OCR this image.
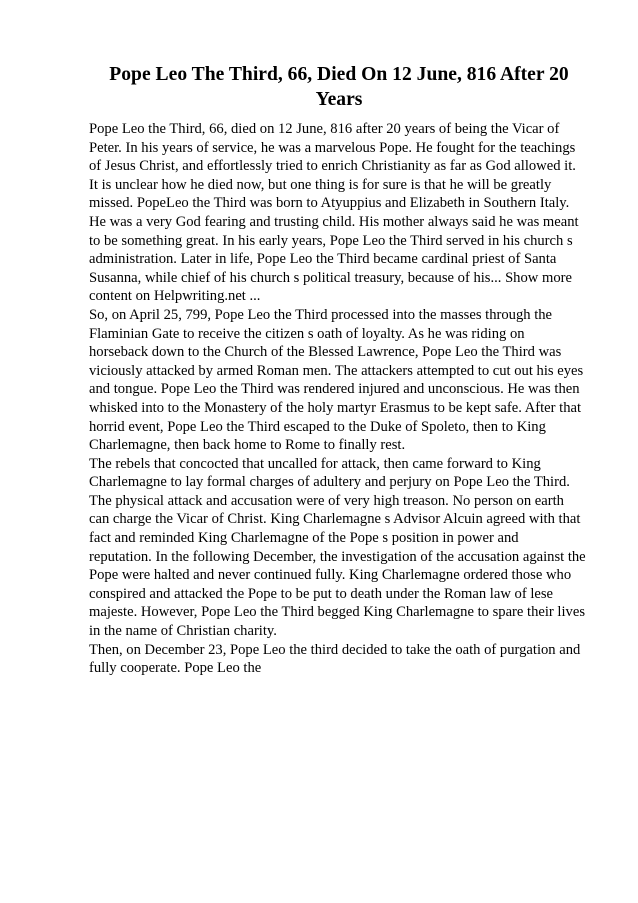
Pope Leo The Third, 66, Died On 12 June, 816 After 20
Years

Pope Leo the Third, 66, died on 12 June, 816 after 20 years of being the Vicar of
Peter. In his years of service, he was a marvelous Pope. He fought for the teachings
of Jesus Christ, and effortlessly tried to enrich Christianity as far as God allowed it.
It is unclear how he died now, but one thing is for sure is that he will be greatly
missed. PopeLeo the Third was born to Atyuppius and Elizabeth in Southern Italy.
He was a very God fearing and trusting child. His mother always said he was meant
to be something great. In his early years, Pope Leo the Third served in his church s
administration. Later in life, Pope Leo the Third became cardinal priest of Santa
Susanna, while chief of his church s political treasury, because of his... Show more
content on Helpwriting.net ...

So, on April 25, 799, Pope Leo the Third processed into the masses through the
Flaminian Gate to receive the citizen s oath of loyalty. As he was riding on
horseback down to the Church of the Blessed Lawrence, Pope Leo the Third was
viciously attacked by armed Roman men. The attackers attempted to cut out his eyes
and tongue. Pope Leo the Third was rendered injured and unconscious. He was then
whisked into to the Monastery of the holy martyr Erasmus to be kept safe. After that
horrid event, Pope Leo the Third escaped to the Duke of Spoleto, then to King
Charlemagne, then back home to Rome to finally rest.

The rebels that concocted that uncalled for attack, then came forward to King
Charlemagne to lay formal charges of adultery and perjury on Pope Leo the Third.
The physical attack and accusation were of very high treason. No person on earth
can charge the Vicar of Christ. King Charlemagne s Advisor Alcuin agreed with that
fact and reminded King Charlemagne of the Pope s position in power and
reputation. In the following December, the investigation of the accusation against the
Pope were halted and never continued fully. King Charlemagne ordered those who
conspired and attacked the Pope to be put to death under the Roman law of lese
majeste. However, Pope Leo the Third begged King Charlemagne to spare their lives
in the name of Christian charity.

Then, on December 23, Pope Leo the third decided to take the oath of purgation and
fully cooperate. Pope Leo the
